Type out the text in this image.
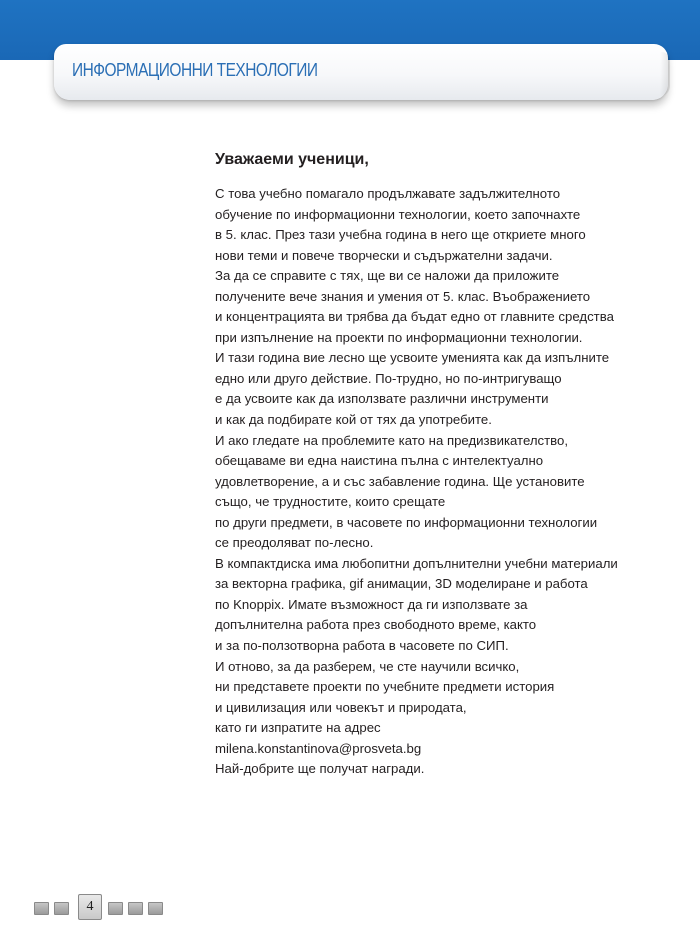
ИНФОРМАЦИОННИ ТЕХНОЛОГИИ
Уважаеми ученици,
С това учебно помагало продължавате задължителното
обучение по информационни технологии, което започнахте
в 5. клас. През тази учебна година в него ще откриете много
нови теми и повече творчески и съдържателни задачи.
За да се справите с тях, ще ви се наложи да приложите
получените вече знания и умения от 5. клас. Въображението
и концентрацията ви трябва да бъдат едно от главните средства
при изпълнение на проекти по информационни технологии.
И тази година вие лесно ще усвоите уменията как да изпълните
едно или друго действие. По-трудно, но по-интригуващо
е да усвоите как да използвате различни инструменти
и как да подбирате кой от тях да употребите.
И ако гледате на проблемите като на предизвикателство,
обещаваме ви една наистина пълна с интелектуално
удовлетворение, а и със забавление година. Ще установите
също, че трудностите, които срещате
по други предмети, в часовете по информационни технологии
се преодоляват по-лесно.
В компактдиска има любопитни допълнителни учебни материали
за векторна графика, gif анимации, 3D моделиране и работа
по Knoppix. Имате възможност да ги използвате за
допълнителна работа през свободното време, както
и за по-ползотворна работа в часовете по СИП.
И отново, за да разберем, че сте научили всичко,
ни представете проекти по учебните предмети история
и цивилизация или човекът и природата,
като ги изпратите на адрес
milena.konstantinova@prosveta.bg
Най-добрите ще получат награди.
4
